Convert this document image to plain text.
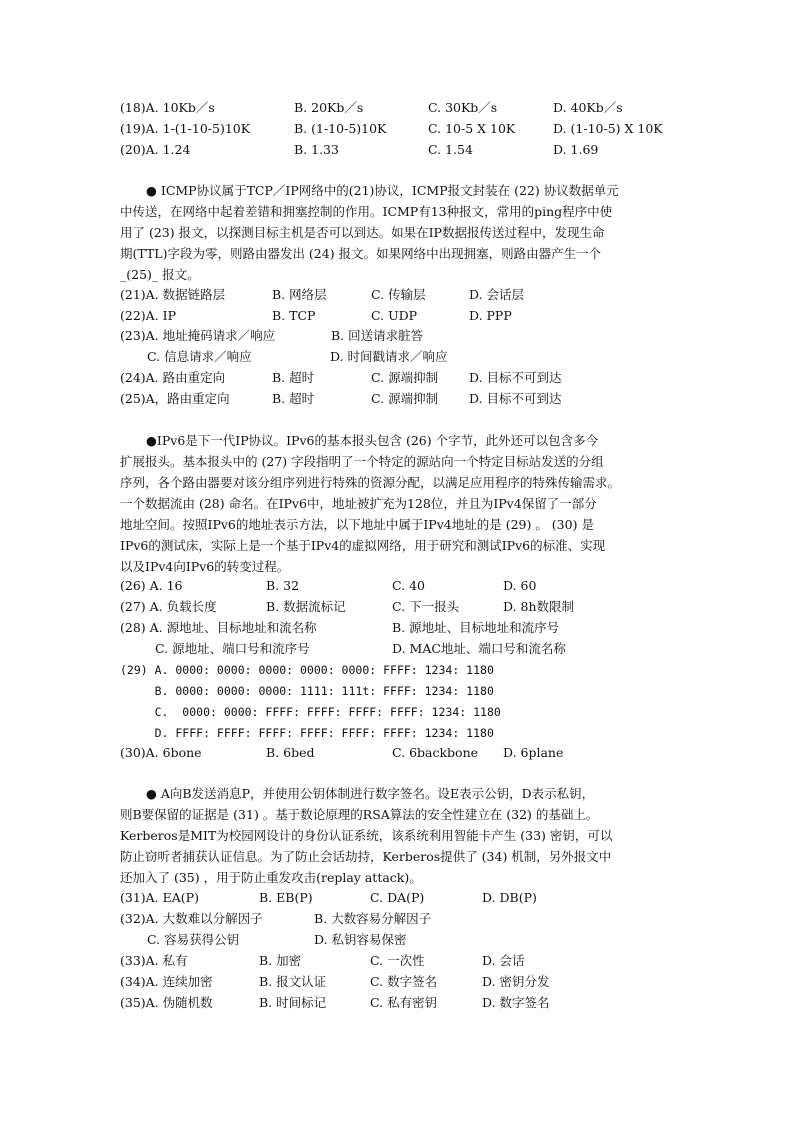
(18)A. 10Kb／s	B. 20Kb／s	C. 30Kb／s	D. 40Kb／s
(19)A. 1-(1-10-5)10K	B. (1-10-5)10K	C. 10-5 X 10K	D. (1-10-5) X 10K
(20)A. 1.24	B. 1.33	C. 1.54	D. 1.69
● ICMP协议属于TCP／IP网络中的(21)协议，ICMP报文封装在 (22) 协议数据单元
中传送，在网络中起着差错和拥塞控制的作用。ICMP有13种报文，常用的ping程序中使
用了 (23) 报文，以探测目标主机是否可以到达。如果在IP数据报传送过程中，发现生命
期(TTL)字段为零，则路由器发出 (24) 报文。如果网络中出现拥塞，则路由器产生一个
_(25)_ 报文。
(21)A. 数据链路层	B. 网络层	C. 传输层	D. 会话层
(22)A. IP	B. TCP	C. UDP	D. PPP
(23)A. 地址掩码请求／响应	B. 回送请求脏答
C. 信息请求／响应	D. 时间戳请求／响应
(24)A. 路由重定向	B. 超时	C. 源端抑制 D. 目标不可到达
(25)A，路由重定向	B. 超时	C. 源端抑制 D. 目标不可到达
●IPv6是下一代IP协议。IPv6的基本报头包含 (26) 个字节，此外还可以包含多今
扩展报头。基本报头中的 (27) 字段指明了一个特定的源站向一个特定目标站发送的分组
序列，各个路由器要对该分组序列进行特殊的资源分配，以满足应用程序的特殊传输需求。
一个数据流由 (28) 命名。在IPv6中，地址被扩充为128位，并且为IPv4保留了一部分
地址空间。按照IPv6的地址表示方法，以下地址中属于IPv4地址的是 (29) 。 (30) 是
IPv6的测试床，实际上是一个基于IPv4的虚拟网络，用于研究和测试IPv6的标准、实现
以及IPv4向IPv6的转变过程。
(26) A. 16	B. 32	C. 40	D. 60
(27) A. 负载长度	B. 数据流标记	C. 下一报头	D. 8h数限制
(28) A. 源地址、目标地址和流名称	B. 源地址、目标地址和流序号
C. 源地址、端口号和流序号	D. MAC地址、端口号和流名称
(29) A. 0000: 0000: 0000: 0000: 0000: FFFF: 1234: 1180
B. 0000: 0000: 0000: 1111: 111t: FFFF: 1234: 1180
C.  0000: 0000: FFFF: FFFF: FFFF: FFFF: 1234: 1180
D. FFFF: FFFF: FFFF: FFFF: FFFF: FFFF: 1234: 1180
(30)A. 6bone	B. 6bed	C. 6backbone D. 6plane
● A向B发送消息P，并使用公钥体制进行数字签名。设E表示公钥，D表示私钥，
则B要保留的证据是 (31) 。基于数论原理的RSA算法的安全性建立在 (32) 的基础上。
Kerberos是MIT为校园网设计的身份认证系统，该系统利用智能卡产生 (33) 密钥，可以
防止窃听者捕获认证信息。为了防止会话劫持，Kerberos提供了 (34) 机制，另外报文中
还加入了 (35) ，用于防止重发攻击(replay attack)。
(31)A. EA(P)	B. EB(P)	C. DA(P)	D. DB(P)
(32)A. 大数难以分解因子	B. 大数容易分解因子
C. 容易获得公钥	D. 私钥容易保密
(33)A. 私有	B. 加密	C. 一次性	D. 会话
(34)A. 连续加密	B. 报文认证	C. 数字签名	D. 密钥分发
(35)A. 伪随机数	B. 时间标记	C. 私有密钥	D. 数字签名
